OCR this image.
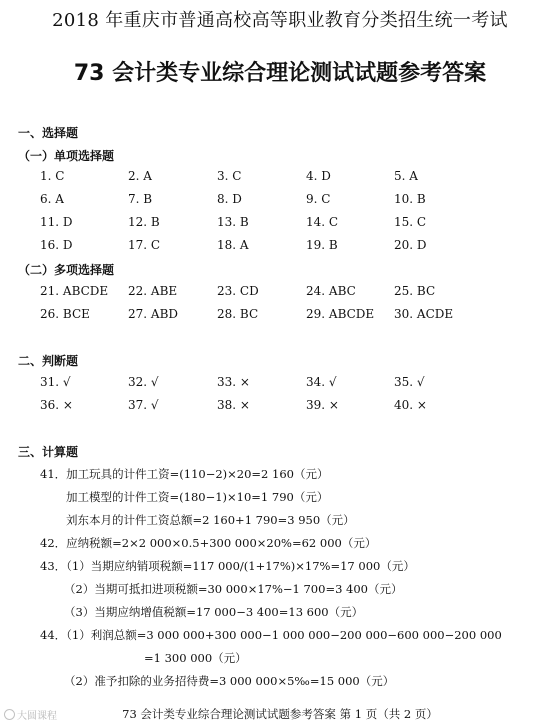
2018 年重庆市普通高校高等职业教育分类招生统一考试
73 会计类专业综合理论测试试题参考答案
一、选择题
（一）单项选择题
1. C	2. A	3. C	4. D	5. A
6. A	7. B	8. D	9. C	10. B
11. D	12. B	13. B	14. C	15. C
16. D	17. C	18. A	19. B	20. D
（二）多项选择题
21. ABCDE 22. ABE	23. CD	24. ABC	25. BC
26. BCE	27. ABD	28. BC	29. ABCDE 30. ACDE
二、判断题
31. √	32. √	33. ×	34. √	35. √
36. ×	37. √	38. ×	39. ×	40. ×
三、计算题
41．加工玩具的计件工资=(110−2)×20=2 160（元）
加工模型的计件工资=(180−1)×10=1 790（元）
刘东本月的计件工资总额=2 160+1 790=3 950（元）
42．应纳税额=2×2 000×0.5+300 000×20%=62 000（元）
43．（1）当期应纳销项税额=117 000/(1+17%)×17%=17 000（元）
（2）当期可抵扣进项税额=30 000×17%−1 700=3 400（元）
（3）当期应纳增值税额=17 000−3 400=13 600（元）
44．（1）利润总额=3 000 000+300 000−1 000 000−200 000−600 000−200 000
=1 300 000（元）
（2）准予扣除的业务招待费=3 000 000×5‰=15 000（元）
大圆课程	73 会计类专业综合理论测试试题参考答案 第 1 页（共 2 页）
